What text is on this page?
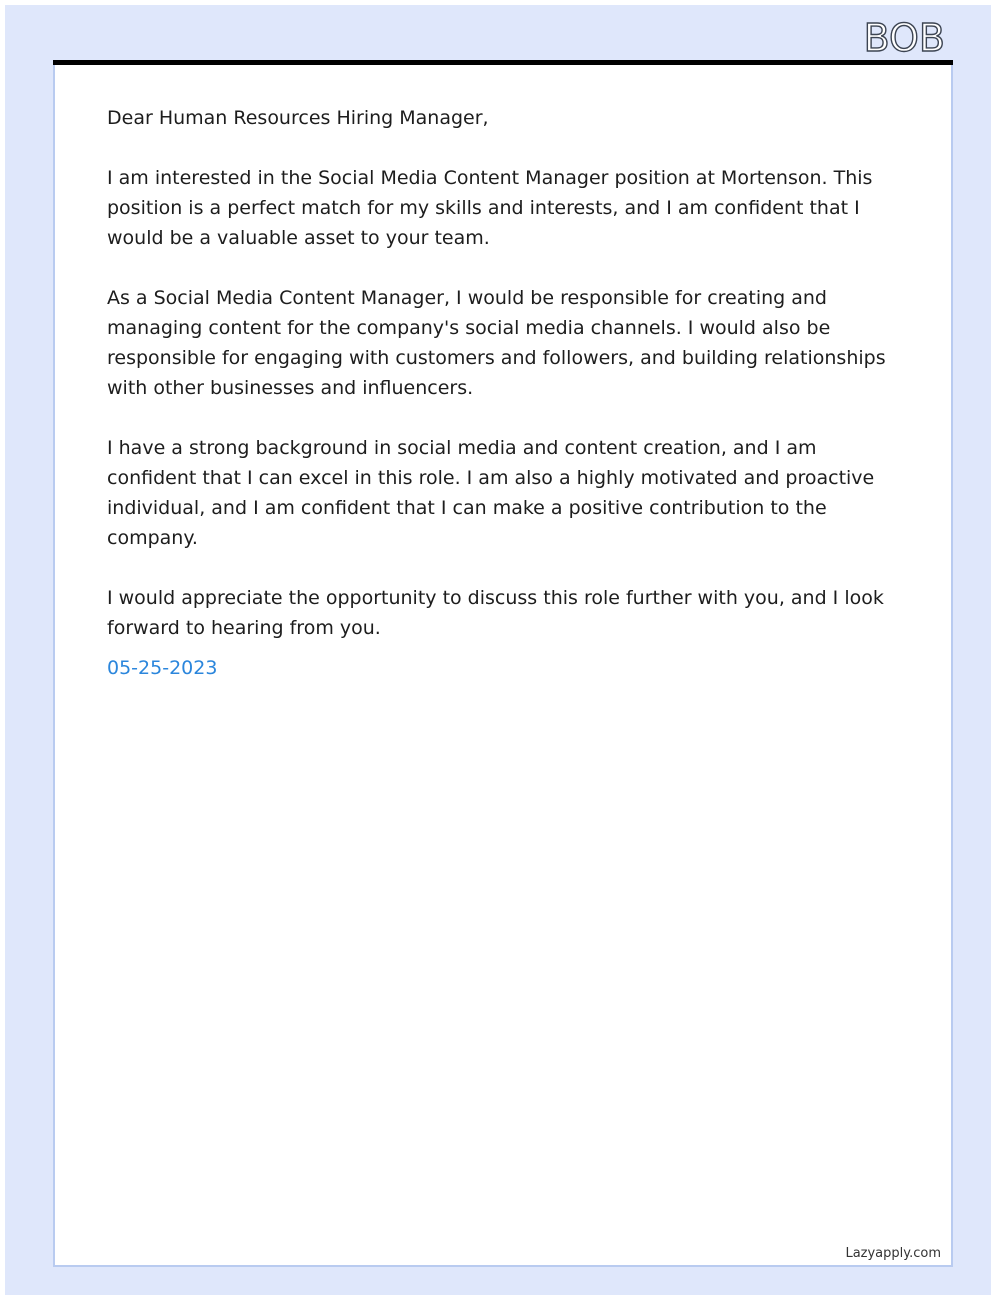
BOB

Dear Human Resources Hiring Manager,

I am interested in the Social Media Content Manager position at Mortenson. This position is a perfect match for my skills and interests, and I am confident that I would be a valuable asset to your team.

As a Social Media Content Manager, I would be responsible for creating and managing content for the company's social media channels. I would also be responsible for engaging with customers and followers, and building relationships with other businesses and influencers.

I have a strong background in social media and content creation, and I am confident that I can excel in this role. I am also a highly motivated and proactive individual, and I am confident that I can make a positive contribution to the company.

I would appreciate the opportunity to discuss this role further with you, and I look forward to hearing from you.

05-25-2023

Lazyapply.com
